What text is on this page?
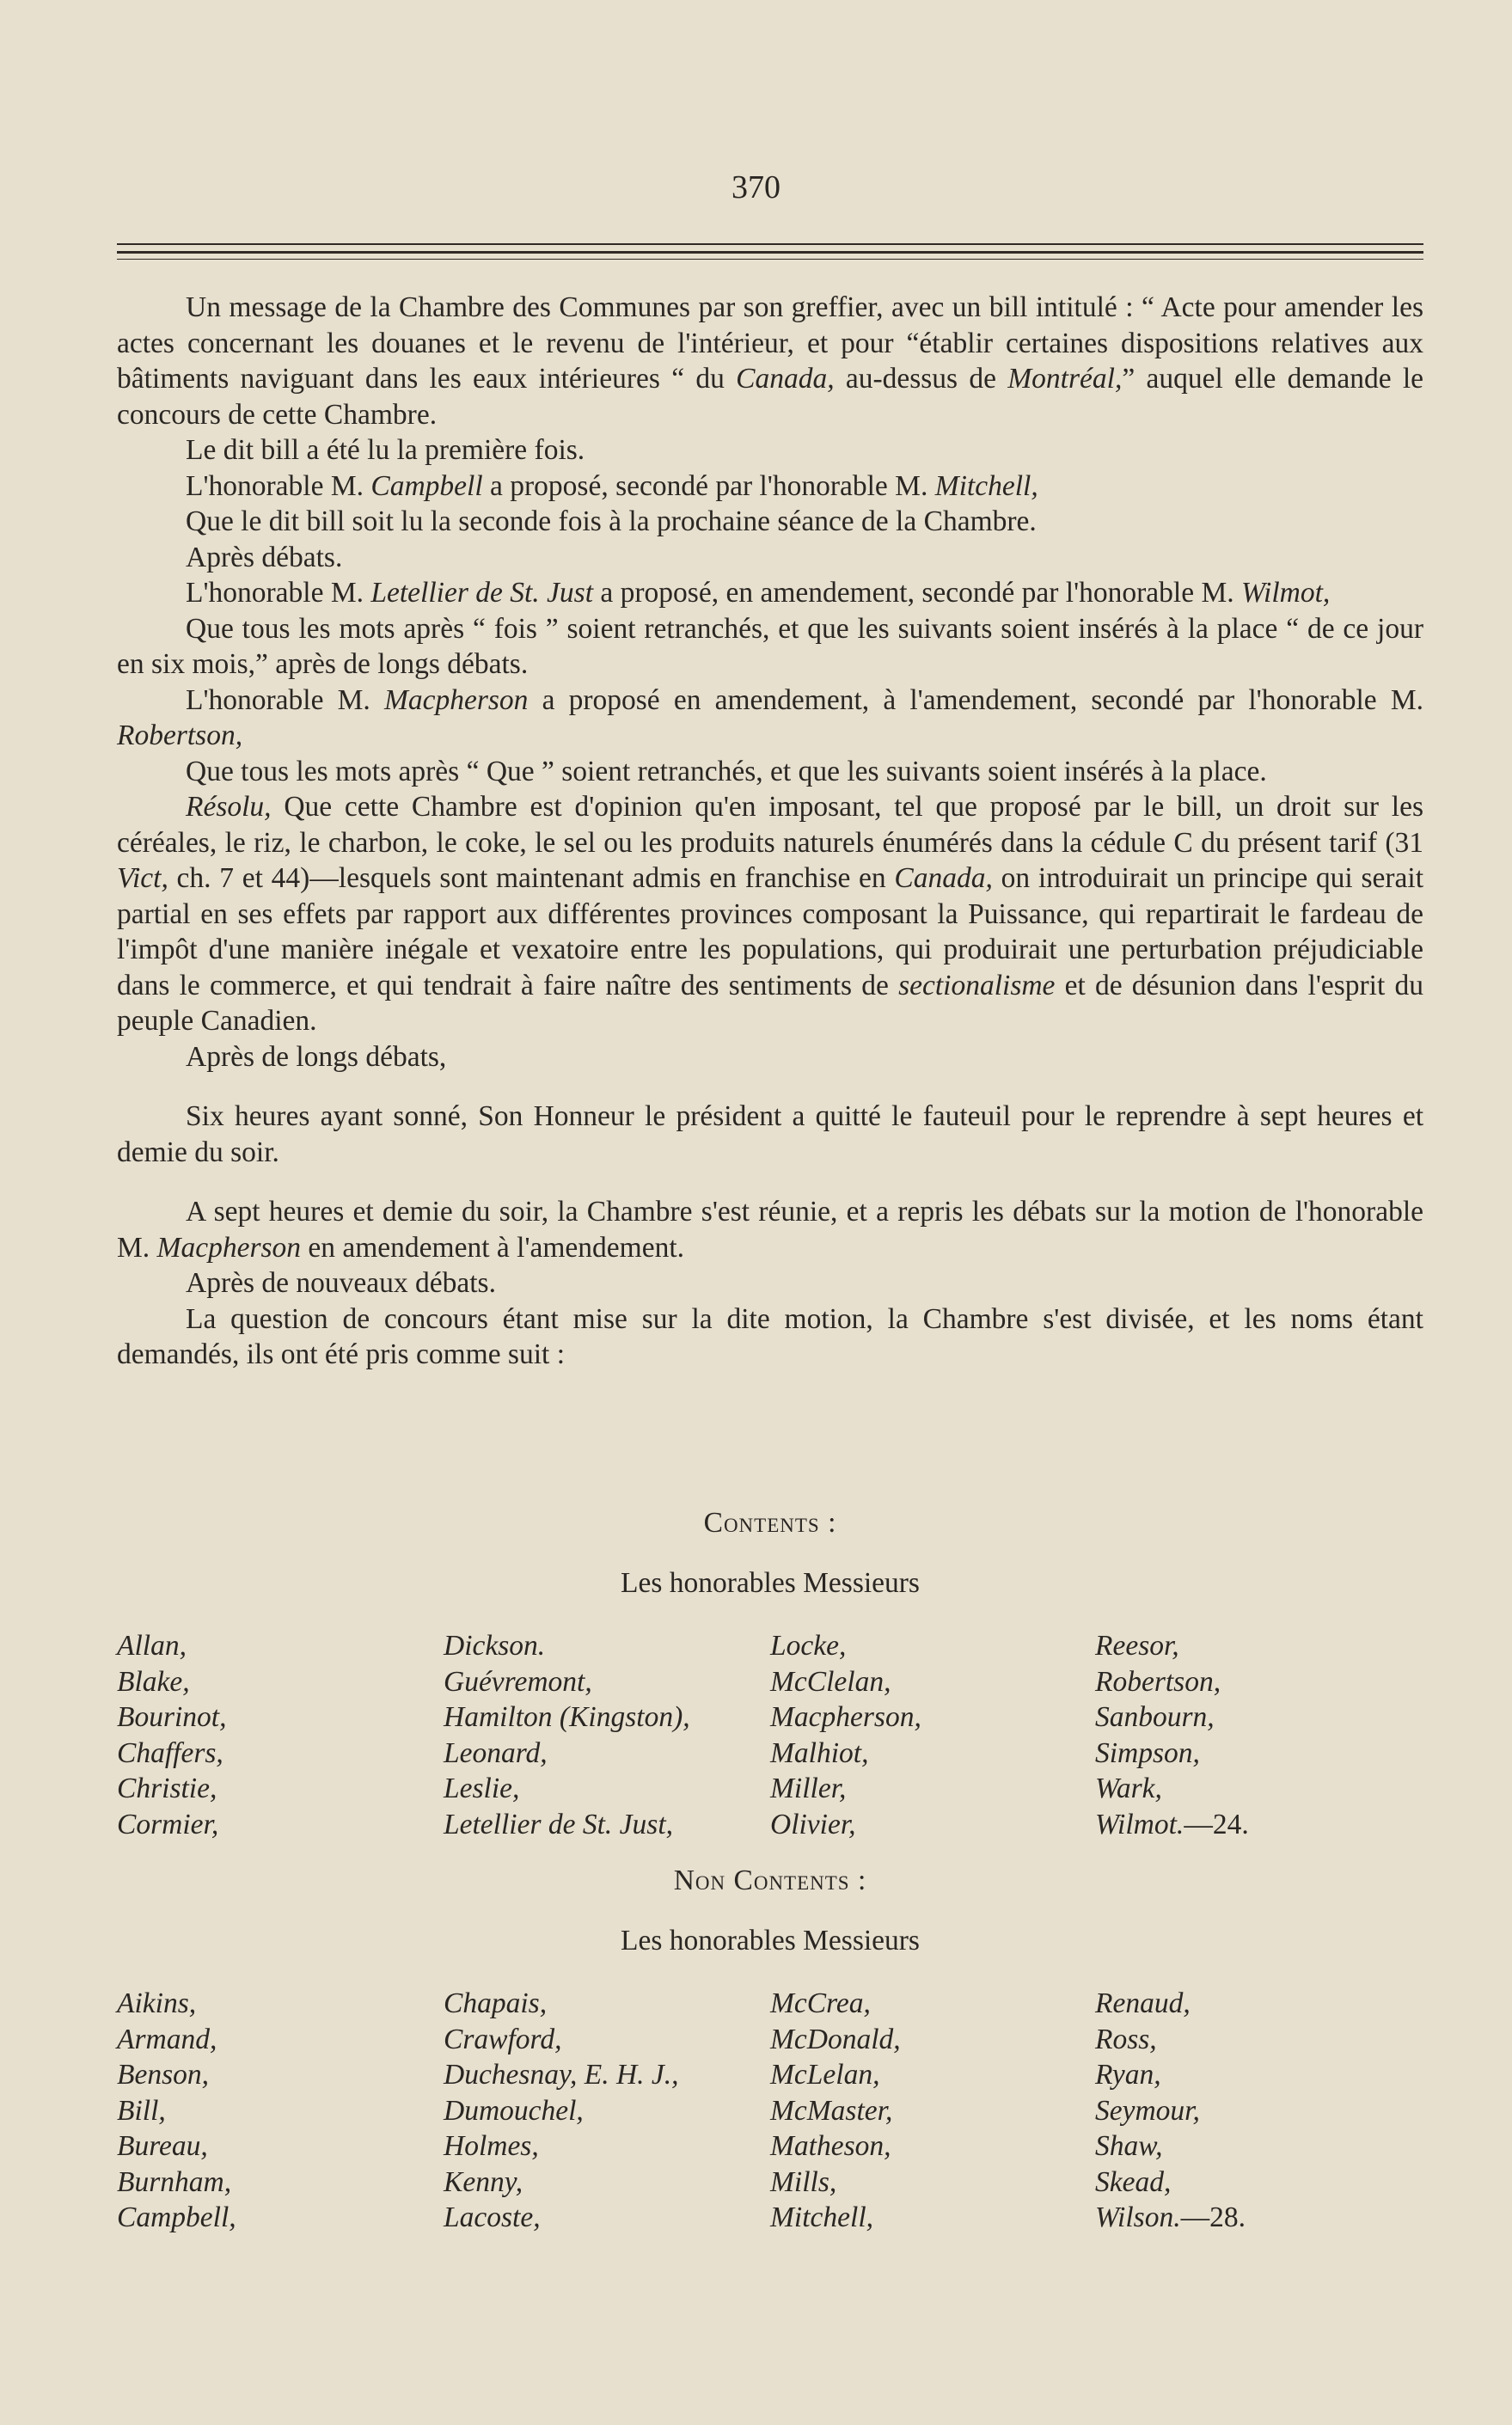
370

Un message de la Chambre des Communes par son greffier, avec un bill intitulé : “ Acte pour amender les actes concernant les douanes et le revenu de l'intérieur, et pour “établir certaines dispositions relatives aux bâtiments naviguant dans les eaux intérieures “ du Canada, au-dessus de Montréal,” auquel elle demande le concours de cette Chambre.

Le dit bill a été lu la première fois.

L'honorable M. Campbell a proposé, secondé par l'honorable M. Mitchell,

Que le dit bill soit lu la seconde fois à la prochaine séance de la Chambre.

Après débats.

L'honorable M. Letellier de St. Just a proposé, en amendement, secondé par l'honorable M. Wilmot,

Que tous les mots après “ fois ” soient retranchés, et que les suivants soient insérés à la place “ de ce jour en six mois,” après de longs débats.

L'honorable M. Macpherson a proposé en amendement, à l'amendement, secondé par l'honorable M. Robertson,

Que tous les mots après “ Que ” soient retranchés, et que les suivants soient insérés à la place.

Résolu, Que cette Chambre est d'opinion qu'en imposant, tel que proposé par le bill, un droit sur les céréales, le riz, le charbon, le coke, le sel ou les produits naturels énumérés dans la cédule C du présent tarif (31 Vict, ch. 7 et 44)—lesquels sont maintenant admis en franchise en Canada, on introduirait un principe qui serait partial en ses effets par rapport aux différentes provinces composant la Puissance, qui repartirait le fardeau de l'impôt d'une manière inégale et vexatoire entre les populations, qui produirait une perturbation préjudiciable dans le commerce, et qui tendrait à faire naître des sentiments de sectionalisme et de désunion dans l'esprit du peuple Canadien.

Après de longs débats,

Six heures ayant sonné, Son Honneur le président a quitté le fauteuil pour le reprendre à sept heures et demie du soir.

A sept heures et demie du soir, la Chambre s'est réunie, et a repris les débats sur la motion de l'honorable M. Macpherson en amendement à l'amendement.

Après de nouveaux débats.

La question de concours étant mise sur la dite motion, la Chambre s'est divisée, et les noms étant demandés, ils ont été pris comme suit :

Contents :
Les honorables Messieurs
Allan,
Blake,
Bourinot,
Chaffers,
Christie,
Cormier,
Dickson.
Guévremont,
Hamilton (Kingston),
Leonard,
Leslie,
Letellier de St. Just,
Locke,
McClelan,
Macpherson,
Malhiot,
Miller,
Olivier,
Reesor,
Robertson,
Sanbourn,
Simpson,
Wark,
Wilmot.—24.
Non Contents :
Les honorables Messieurs
Aikins,
Armand,
Benson,
Bill,
Bureau,
Burnham,
Campbell,
Chapais,
Crawford,
Duchesnay, E. H. J.,
Dumouchel,
Holmes,
Kenny,
Lacoste,
McCrea,
McDonald,
McLelan,
McMaster,
Matheson,
Mills,
Mitchell,
Renaud,
Ross,
Ryan,
Seymour,
Shaw,
Skead,
Wilson.—28.
